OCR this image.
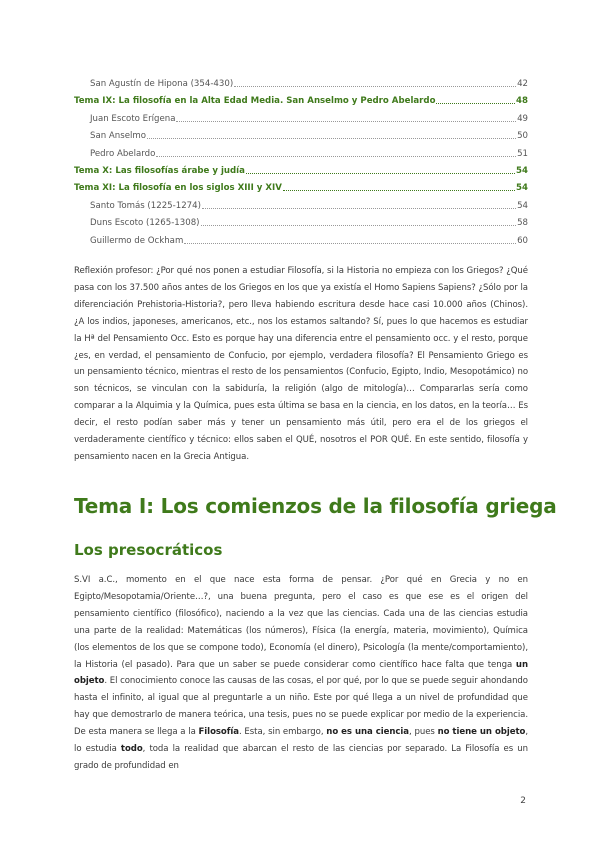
San Agustín de Hipona (354-430)	42
Tema IX: La filosofía en la Alta Edad Media. San Anselmo y Pedro Abelardo	48
Juan Escoto Erígena	49
San Anselmo	50
Pedro Abelardo	51
Tema X: Las filosofías árabe y judía	54
Tema XI: La filosofía en los siglos XIII y XIV	54
Santo Tomás (1225-1274)	54
Duns Escoto (1265-1308)	58
Guillermo de Ockham	60

Reflexión profesor: ¿Por qué nos ponen a estudiar Filosofía, si la Historia no empieza con los Griegos? ¿Qué pasa con los 37.500 años antes de los Griegos en los que ya existía el Homo Sapiens Sapiens? ¿Sólo por la diferenciación Prehistoria-Historia?, pero lleva habiendo escritura desde hace casi 10.000 años (Chinos). ¿A los indios, japoneses, americanos, etc., nos los estamos saltando? Sí, pues lo que hacemos es estudiar la Hª del Pensamiento Occ. Esto es porque hay una diferencia entre el pensamiento occ. y el resto, porque ¿es, en verdad, el pensamiento de Confucio, por ejemplo, verdadera filosofía? El Pensamiento Griego es un pensamiento técnico, mientras el resto de los pensamientos (Confucio, Egipto, Indio, Mesopotámico) no son técnicos, se vinculan con la sabiduría, la religión (algo de mitología)… Compararlas sería como comparar a la Alquimia y la Química, pues esta última se basa en la ciencia, en los datos, en la teoría… Es decir, el resto podían saber más y tener un pensamiento más útil, pero era el de los griegos el verdaderamente científico y técnico: ellos saben el QUÉ, nosotros el POR QUÉ. En este sentido, filosofía y pensamiento nacen en la Grecia Antigua.

Tema I: Los comienzos de la filosofía griega
Los presocráticos

S.VI a.C., momento en el que nace esta forma de pensar. ¿Por qué en Grecia y no en Egipto/Mesopotamia/Oriente…?, una buena pregunta, pero el caso es que ese es el origen del pensamiento científico (filosófico), naciendo a la vez que las ciencias. Cada una de las ciencias estudia una parte de la realidad: Matemáticas (los números), Física (la energía, materia, movimiento), Química (los elementos de los que se compone todo), Economía (el dinero), Psicología (la mente/comportamiento), la Historia (el pasado). Para que un saber se puede considerar como científico hace falta que tenga un objeto. El conocimiento conoce las causas de las cosas, el por qué, por lo que se puede seguir ahondando hasta el infinito, al igual que al preguntarle a un niño. Este por qué llega a un nivel de profundidad que hay que demostrarlo de manera teórica, una tesis, pues no se puede explicar por medio de la experiencia. De esta manera se llega a la Filosofía. Esta, sin embargo, no es una ciencia, pues no tiene un objeto, lo estudia todo, toda la realidad que abarcan el resto de las ciencias por separado. La Filosofía es un grado de profundidad en

2
